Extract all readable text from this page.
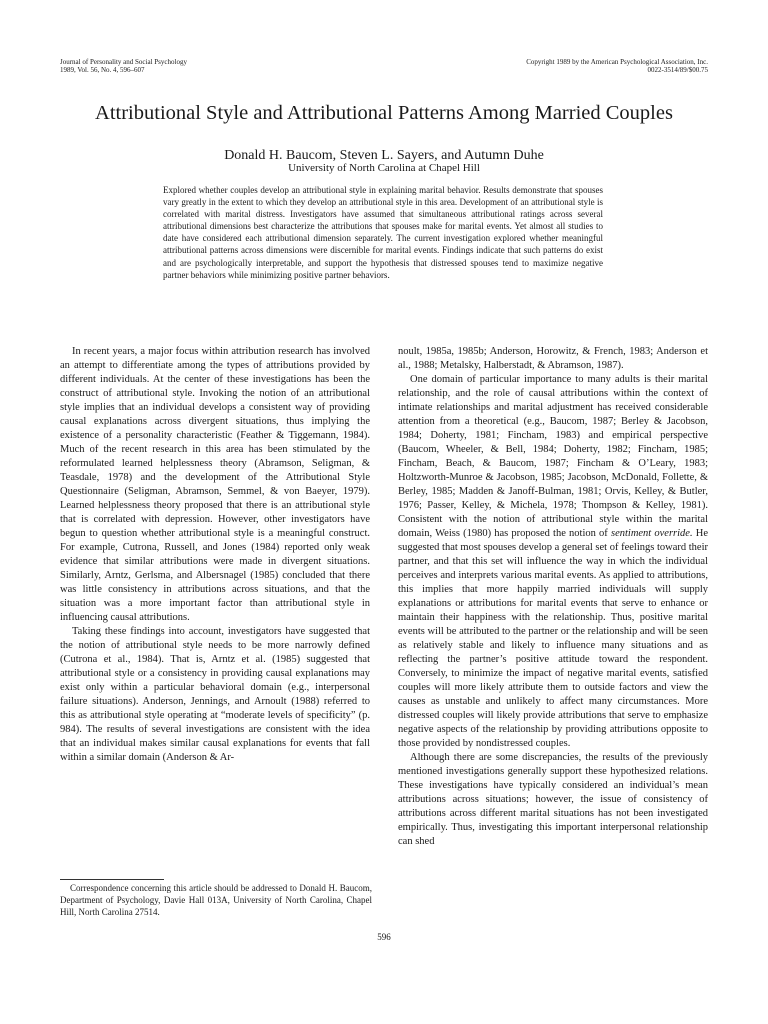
Journal of Personality and Social Psychology
1989, Vol. 56, No. 4, 596–607
Copyright 1989 by the American Psychological Association, Inc.
0022-3514/89/$00.75
Attributional Style and Attributional Patterns Among Married Couples
Donald H. Baucom, Steven L. Sayers, and Autumn Duhe
University of North Carolina at Chapel Hill
Explored whether couples develop an attributional style in explaining marital behavior. Results demonstrate that spouses vary greatly in the extent to which they develop an attributional style in this area. Development of an attributional style is correlated with marital distress. Investigators have assumed that simultaneous attributional ratings across several attributional dimensions best characterize the attributions that spouses make for marital events. Yet almost all studies to date have considered each attributional dimension separately. The current investigation explored whether meaningful attributional patterns across dimensions were discernible for marital events. Findings indicate that such patterns do exist and are psychologically interpretable, and support the hypothesis that distressed spouses tend to maximize negative partner behaviors while minimizing positive partner behaviors.

In recent years, a major focus within attribution research has involved an attempt to differentiate among the types of attributions provided by different individuals. At the center of these investigations has been the construct of attributional style. Invoking the notion of an attributional style implies that an individual develops a consistent way of providing causal explanations across divergent situations, thus implying the existence of a personality characteristic (Feather & Tiggemann, 1984). Much of the recent research in this area has been stimulated by the reformulated learned helplessness theory (Abramson, Seligman, & Teasdale, 1978) and the development of the Attributional Style Questionnaire (Seligman, Abramson, Semmel, & von Baeyer, 1979). Learned helplessness theory proposed that there is an attributional style that is correlated with depression. However, other investigators have begun to question whether attributional style is a meaningful construct. For example, Cutrona, Russell, and Jones (1984) reported only weak evidence that similar attributions were made in divergent situations. Similarly, Arntz, Gerlsma, and Albersnagel (1985) concluded that there was little consistency in attributions across situations, and that the situation was a more important factor than attributional style in influencing causal attributions.

Taking these findings into account, investigators have suggested that the notion of attributional style needs to be more narrowly defined (Cutrona et al., 1984). That is, Arntz et al. (1985) suggested that attributional style or a consistency in providing causal explanations may exist only within a particular behavioral domain (e.g., interpersonal failure situations). Anderson, Jennings, and Arnoult (1988) referred to this as attributional style operating at “moderate levels of specificity” (p. 984). The results of several investigations are consistent with the idea that an individual makes similar causal explanations for events that fall within a similar domain (Anderson & Ar-

noult, 1985a, 1985b; Anderson, Horowitz, & French, 1983; Anderson et al., 1988; Metalsky, Halberstadt, & Abramson, 1987).

One domain of particular importance to many adults is their marital relationship, and the role of causal attributions within the context of intimate relationships and marital adjustment has received considerable attention from a theoretical (e.g., Baucom, 1987; Berley & Jacobson, 1984; Doherty, 1981; Fincham, 1983) and empirical perspective (Baucom, Wheeler, & Bell, 1984; Doherty, 1982; Fincham, 1985; Fincham, Beach, & Baucom, 1987; Fincham & O’Leary, 1983; Holtzworth-Munroe & Jacobson, 1985; Jacobson, McDonald, Follette, & Berley, 1985; Madden & Janoff-Bulman, 1981; Orvis, Kelley, & Butler, 1976; Passer, Kelley, & Michela, 1978; Thompson & Kelley, 1981). Consistent with the notion of attributional style within the marital domain, Weiss (1980) has proposed the notion of sentiment override. He suggested that most spouses develop a general set of feelings toward their partner, and that this set will influence the way in which the individual perceives and interprets various marital events. As applied to attributions, this implies that more happily married individuals will supply explanations or attributions for marital events that serve to enhance or maintain their happiness with the relationship. Thus, positive marital events will be attributed to the partner or the relationship and will be seen as relatively stable and likely to influence many situations and as reflecting the partner’s positive attitude toward the respondent. Conversely, to minimize the impact of negative marital events, satisfied couples will more likely attribute them to outside factors and view the causes as unstable and unlikely to affect many circumstances. More distressed couples will likely provide attributions that serve to emphasize negative aspects of the relationship by providing attributions opposite to those provided by nondistressed couples.

Although there are some discrepancies, the results of the previously mentioned investigations generally support these hypothesized relations. These investigations have typically considered an individual’s mean attributions across situations; however, the issue of consistency of attributions across different marital situations has not been investigated empirically. Thus, investigating this important interpersonal relationship can shed

Correspondence concerning this article should be addressed to Donald H. Baucom, Department of Psychology, Davie Hall 013A, University of North Carolina, Chapel Hill, North Carolina 27514.
596
